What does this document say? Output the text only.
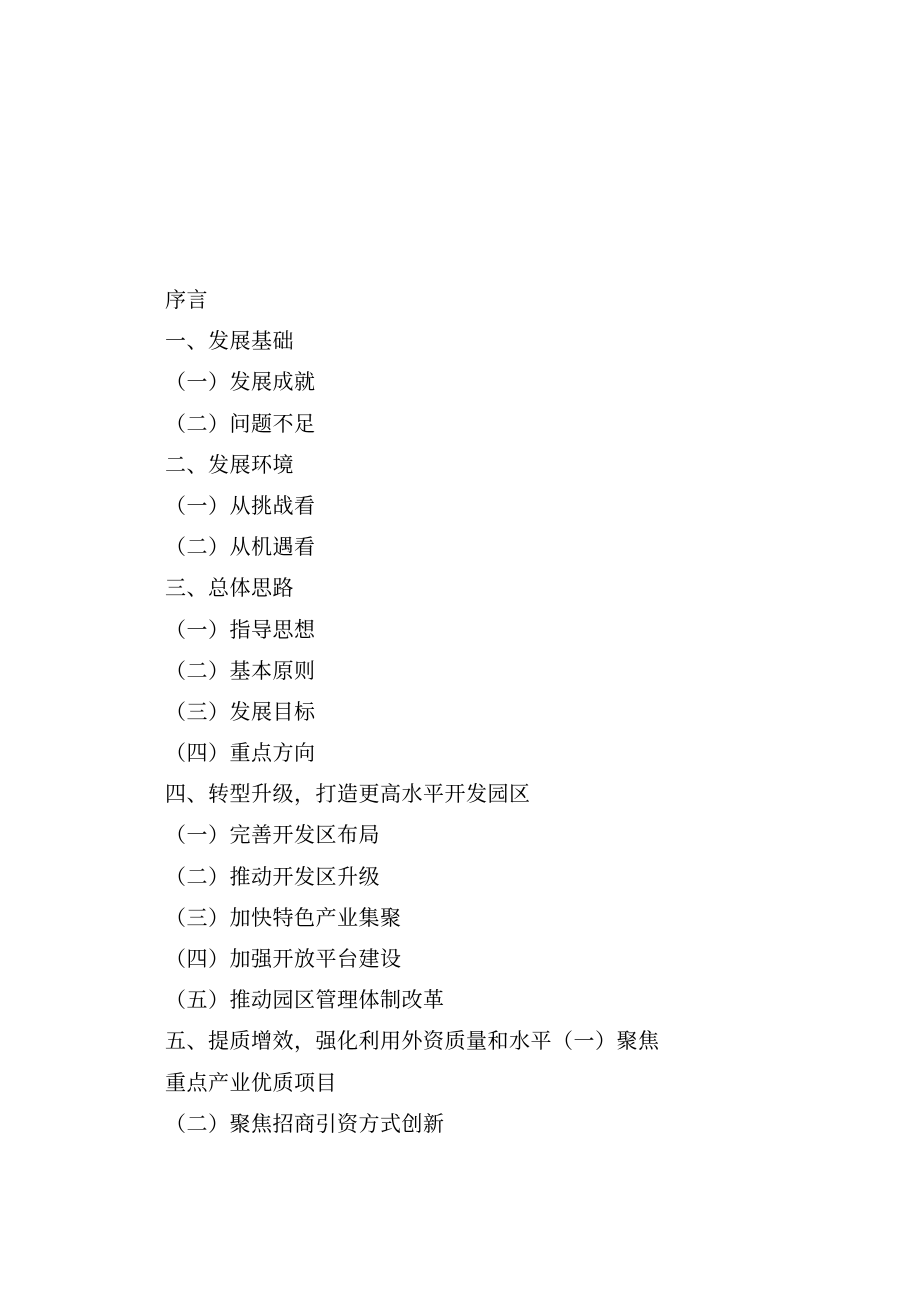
序言
一、发展基础
（一）发展成就
（二）问题不足
二、发展环境
（一）从挑战看
（二）从机遇看
三、总体思路
（一）指导思想
（二）基本原则
（三）发展目标
（四）重点方向
四、转型升级，打造更高水平开发园区
（一）完善开发区布局
（二）推动开发区升级
（三）加快特色产业集聚
（四）加强开放平台建设
（五）推动园区管理体制改革
五、提质增效，强化利用外资质量和水平（一）聚焦重点产业优质项目
（二）聚焦招商引资方式创新
